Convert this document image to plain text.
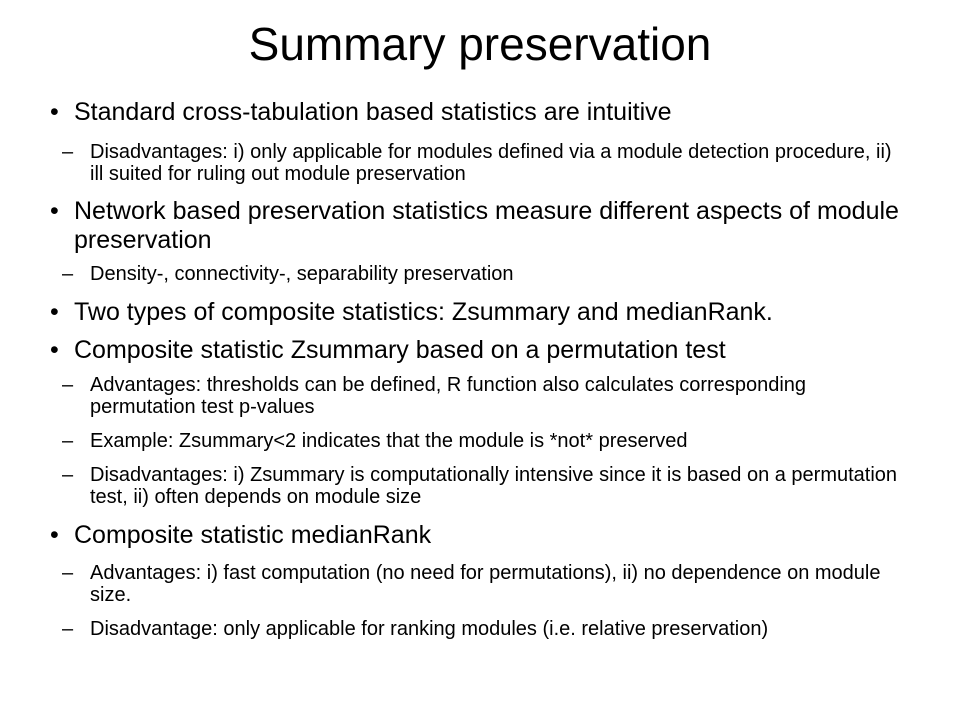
Summary preservation
• Standard cross-tabulation based statistics are intuitive
– Disadvantages: i) only applicable for modules defined via a module detection procedure, ii) ill suited for ruling out module preservation
• Network based preservation statistics measure different aspects of module preservation
– Density-, connectivity-, separability preservation
• Two types of composite statistics: Zsummary and medianRank.
• Composite statistic Zsummary based on a permutation test
– Advantages: thresholds can be defined, R function also calculates corresponding permutation test p-values
– Example: Zsummary<2 indicates that the module is *not* preserved
– Disadvantages: i) Zsummary is computationally intensive since it is based on a permutation test, ii) often depends on module size
• Composite statistic medianRank
– Advantages: i) fast computation (no need for permutations), ii) no dependence on module size.
– Disadvantage: only applicable for ranking modules (i.e. relative preservation)
